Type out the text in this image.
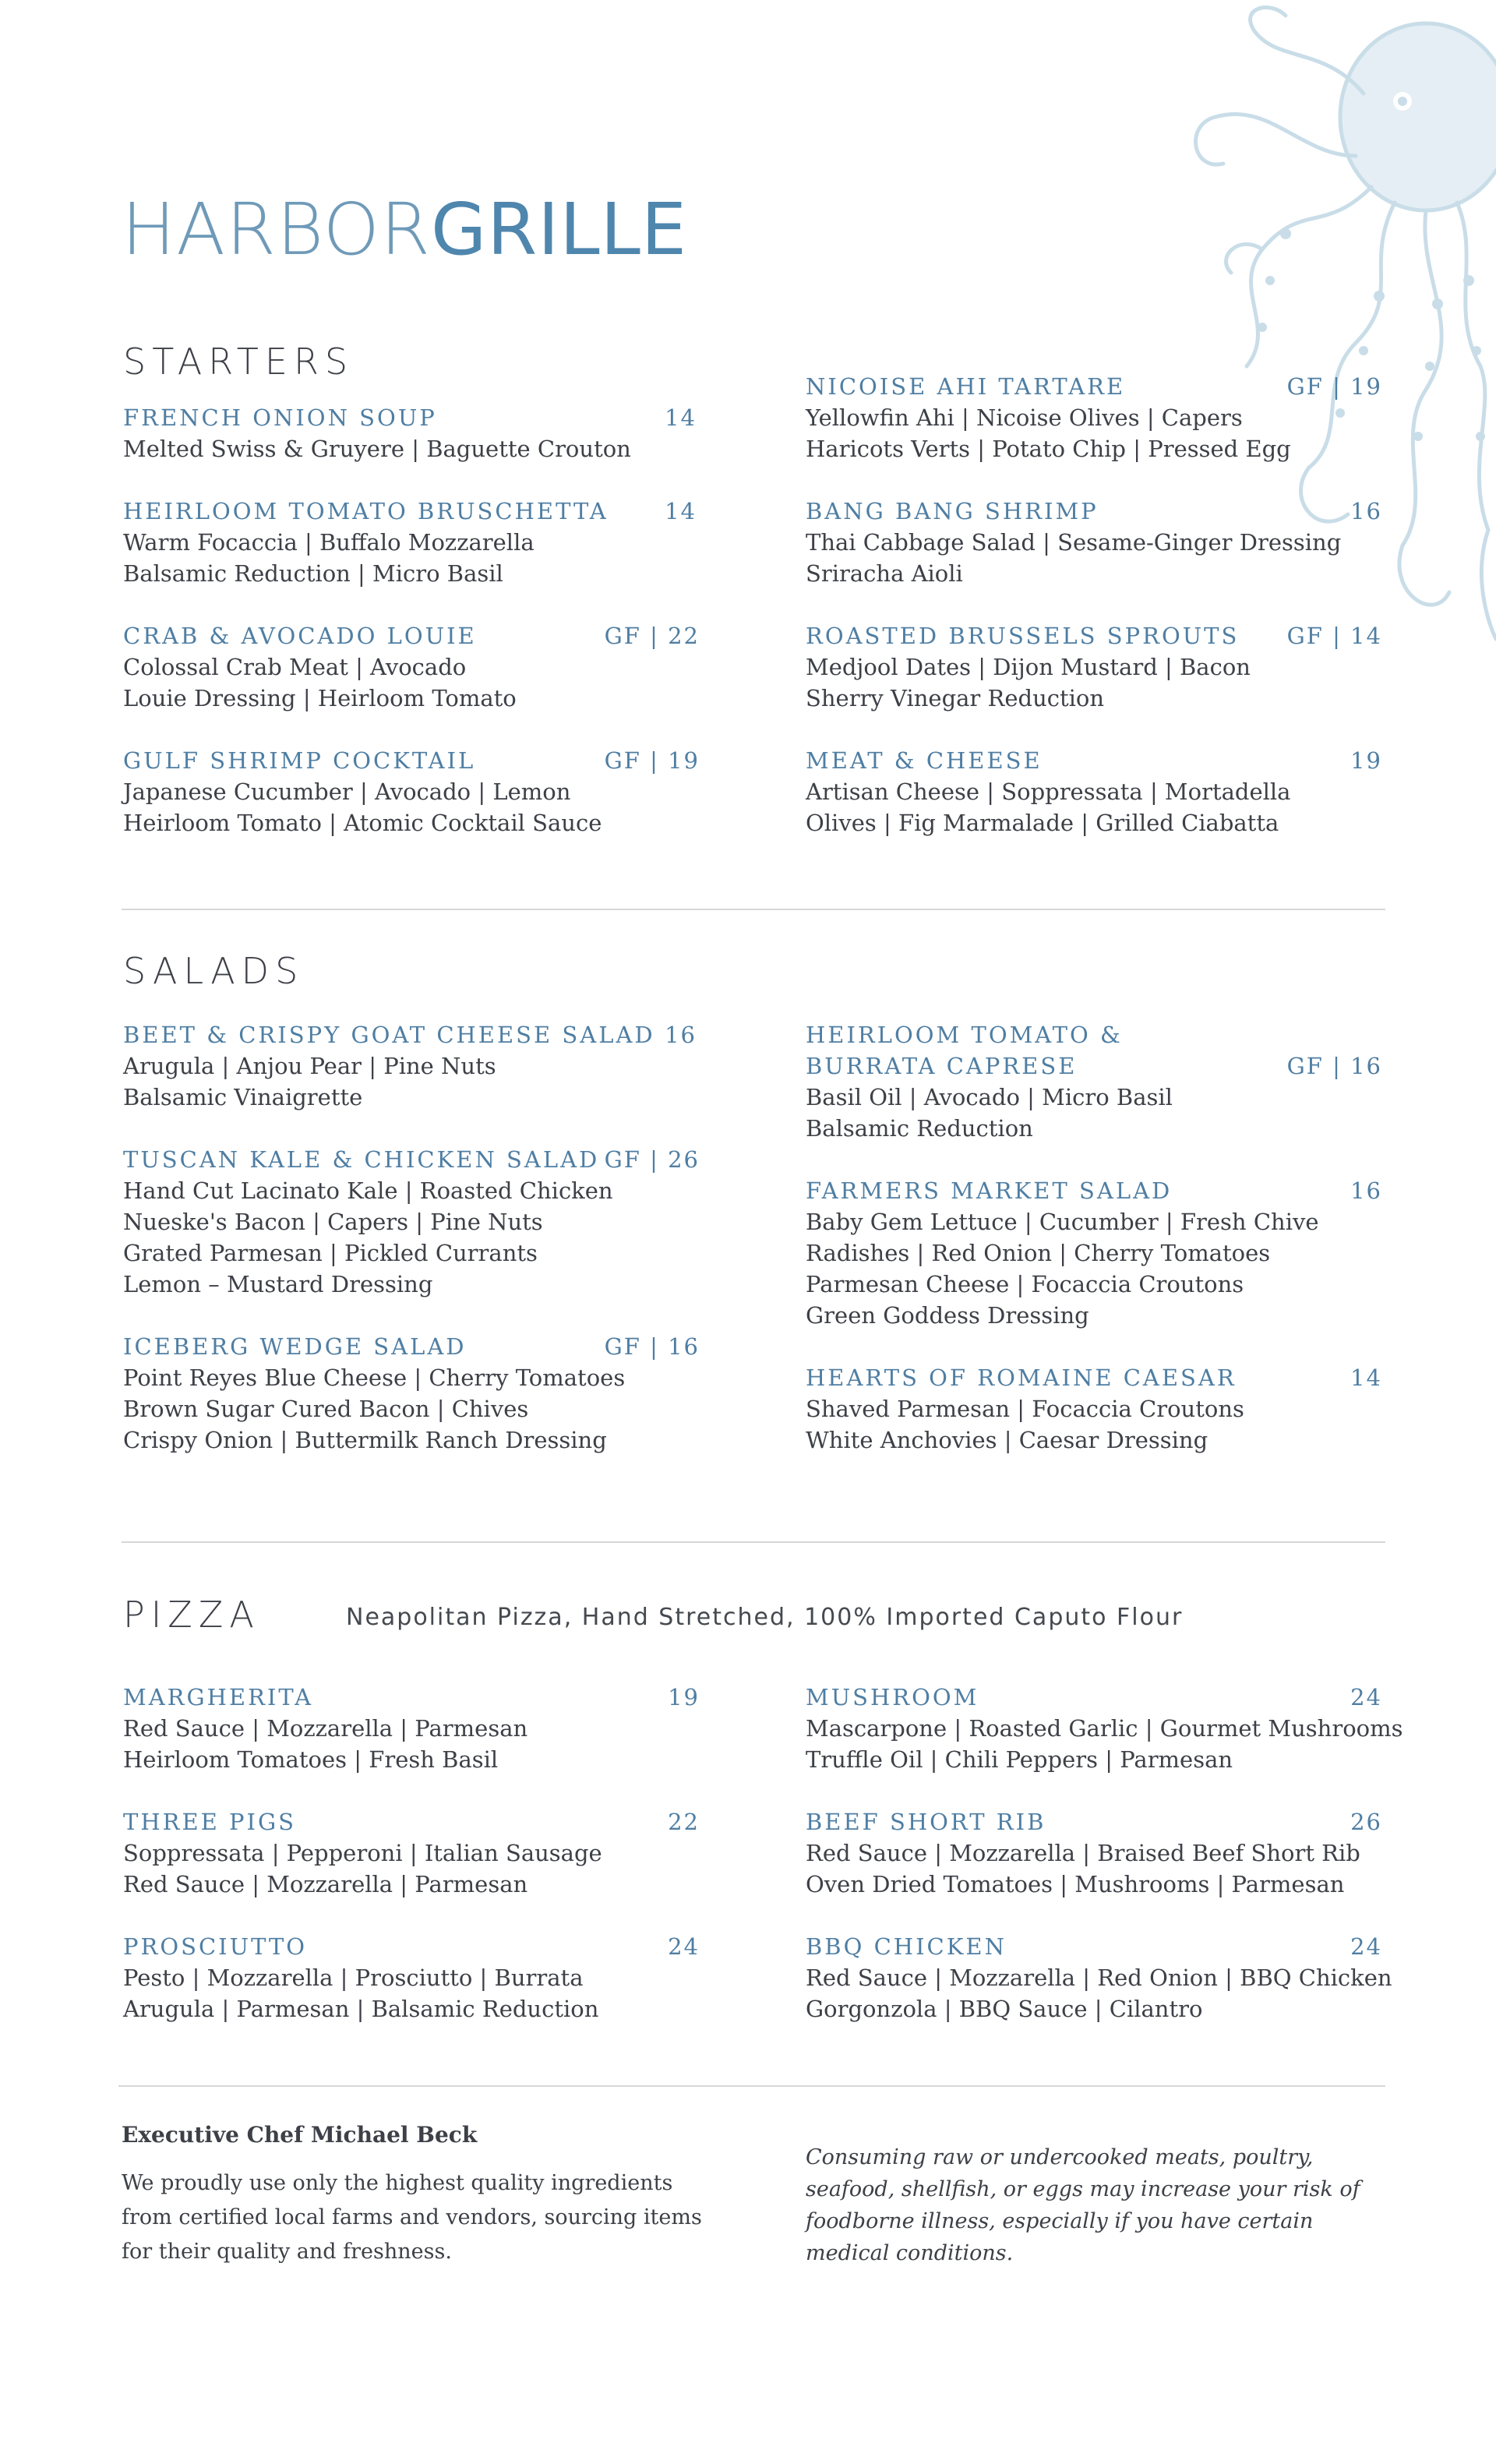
HARBORGRILLE
STARTERS
FRENCH ONION SOUP	14
Melted Swiss & Gruyere | Baguette Crouton
HEIRLOOM TOMATO BRUSCHETTA 14
Warm Focaccia | Buffalo Mozzarella
Balsamic Reduction | Micro Basil
CRAB & AVOCADO LOUIE	GF | 22
Colossal Crab Meat | Avocado
Louie Dressing | Heirloom Tomato
GULF SHRIMP COCKTAIL	GF | 19
Japanese Cucumber | Avocado | Lemon
Heirloom Tomato | Atomic Cocktail Sauce
NICOISE AHI TARTARE	GF | 19
Yellowfin Ahi | Nicoise Olives | Capers
Haricots Verts | Potato Chip | Pressed Egg
BANG BANG SHRIMP	16
Thai Cabbage Salad | Sesame-Ginger Dressing
Sriracha Aioli
ROASTED BRUSSELS SPROUTS GF | 14
Medjool Dates | Dijon Mustard | Bacon
Sherry Vinegar Reduction
MEAT & CHEESE	19
Artisan Cheese | Soppressata | Mortadella
Olives | Fig Marmalade | Grilled Ciabatta
SALADS
BEET & CRISPY GOAT CHEESE SALAD 16
Arugula | Anjou Pear | Pine Nuts
Balsamic Vinaigrette
TUSCAN KALE & CHICKEN SALAD GF | 26
Hand Cut Lacinato Kale | Roasted Chicken
Nueske's Bacon | Capers | Pine Nuts
Grated Parmesan | Pickled Currants
Lemon – Mustard Dressing
ICEBERG WEDGE SALAD	GF | 16
Point Reyes Blue Cheese | Cherry Tomatoes
Brown Sugar Cured Bacon | Chives
Crispy Onion | Buttermilk Ranch Dressing
HEIRLOOM TOMATO &
BURRATA CAPRESE	GF | 16
Basil Oil | Avocado | Micro Basil
Balsamic Reduction
FARMERS MARKET SALAD	16
Baby Gem Lettuce | Cucumber | Fresh Chive
Radishes | Red Onion | Cherry Tomatoes
Parmesan Cheese | Focaccia Croutons
Green Goddess Dressing
HEARTS OF ROMAINE CAESAR	14
Shaved Parmesan | Focaccia Croutons
White Anchovies | Caesar Dressing
PIZZA	Neapolitan Pizza, Hand Stretched, 100% Imported Caputo Flour
MARGHERITA	19
Red Sauce | Mozzarella | Parmesan
Heirloom Tomatoes | Fresh Basil
THREE PIGS	22
Soppressata | Pepperoni | Italian Sausage
Red Sauce | Mozzarella | Parmesan
PROSCIUTTO	24
Pesto | Mozzarella | Prosciutto | Burrata
Arugula | Parmesan | Balsamic Reduction
MUSHROOM	24
Mascarpone | Roasted Garlic | Gourmet Mushrooms
Truffle Oil | Chili Peppers | Parmesan
BEEF SHORT RIB	26
Red Sauce | Mozzarella | Braised Beef Short Rib
Oven Dried Tomatoes | Mushrooms | Parmesan
BBQ CHICKEN	24
Red Sauce | Mozzarella | Red Onion | BBQ Chicken
Gorgonzola | BBQ Sauce | Cilantro
Executive Chef Michael Beck
We proudly use only the highest quality ingredients from certified local farms and vendors, sourcing items for their quality and freshness.
Consuming raw or undercooked meats, poultry, seafood, shellfish, or eggs may increase your risk of foodborne illness, especially if you have certain medical conditions.
